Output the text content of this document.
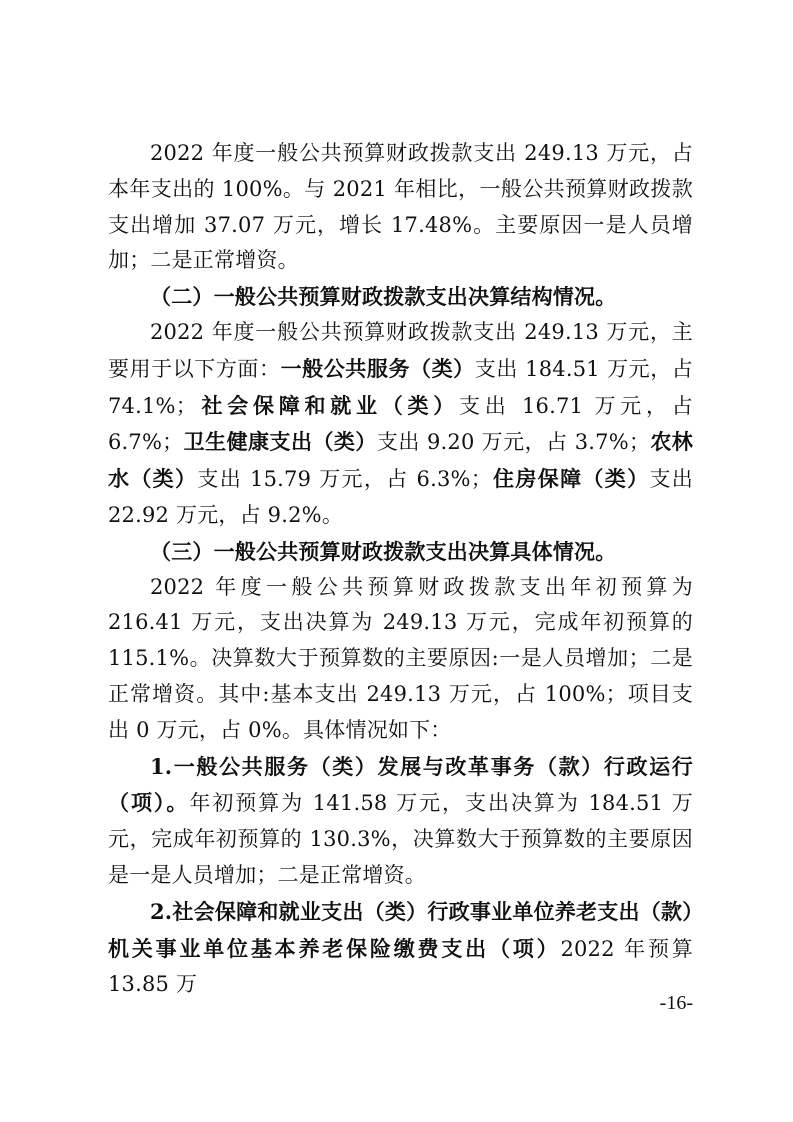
2022 年度一般公共预算财政拨款支出 249.13 万元，占本年支出的 100%。与 2021 年相比，一般公共预算财政拨款支出增加 37.07 万元，增长 17.48%。主要原因一是人员增加；二是正常增资。

（二）一般公共预算财政拨款支出决算结构情况。

2022 年度一般公共预算财政拨款支出 249.13 万元，主要用于以下方面：一般公共服务（类）支出 184.51 万元，占 74.1%；社会保障和就业（类）支出 16.71 万元，占 6.7%；卫生健康支出（类）支出 9.20 万元，占 3.7%；农林水（类）支出 15.79 万元，占 6.3%；住房保障（类）支出 22.92 万元，占 9.2%。

（三）一般公共预算财政拨款支出决算具体情况。

2022 年度一般公共预算财政拨款支出年初预算为 216.41 万元，支出决算为 249.13 万元，完成年初预算的 115.1%。决算数大于预算数的主要原因:一是人员增加；二是正常增资。其中:基本支出 249.13 万元，占 100%；项目支出 0 万元，占 0%。具体情况如下：

1.一般公共服务（类）发展与改革事务（款）行政运行（项）。年初预算为 141.58 万元，支出决算为 184.51 万元，完成年初预算的 130.3%，决算数大于预算数的主要原因是一是人员增加；二是正常增资。

2.社会保障和就业支出（类）行政事业单位养老支出（款）机关事业单位基本养老保险缴费支出（项）2022 年预算 13.85 万

-16-
